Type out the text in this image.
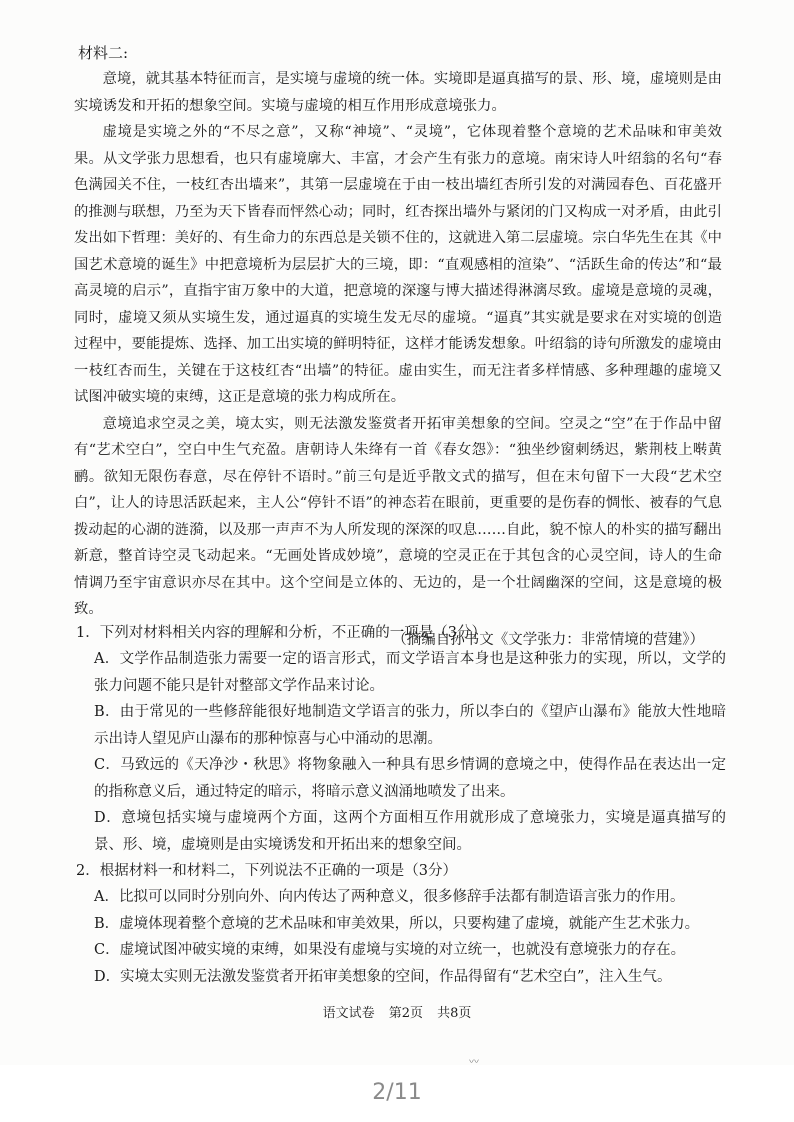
材料二:

意境，就其基本特征而言，是实境与虚境的统一体。实境即是逼真描写的景、形、境，虚境则是由实境诱发和开拓的想象空间。实境与虚境的相互作用形成意境张力。

虚境是实境之外的“不尽之意”，又称“神境”、“灵境”，它体现着整个意境的艺术品味和审美效果。从文学张力思想看，也只有虚境廓大、丰富，才会产生有张力的意境。南宋诗人叶绍翁的名句“春色满园关不住，一枝红杏出墙来”，其第一层虚境在于由一枝出墙红杏所引发的对满园春色、百花盛开的推测与联想，乃至为天下皆春而怦然心动；同时，红杏探出墙外与紧闭的门又构成一对矛盾，由此引发出如下哲理：美好的、有生命力的东西总是关锁不住的，这就进入第二层虚境。宗白华先生在其《中国艺术意境的诞生》中把意境析为层层扩大的三境，即：“直观感相的渲染”、“活跃生命的传达”和“最高灵境的启示”，直指宇宙万象中的大道，把意境的深邃与博大描述得淋漓尽致。虚境是意境的灵魂，同时，虚境又须从实境生发，通过逼真的实境生发无尽的虚境。“逼真”其实就是要求在对实境的创造过程中，要能提炼、选择、加工出实境的鲜明特征，这样才能诱发想象。叶绍翁的诗句所激发的虚境由一枝红杏而生，关键在于这枝红杏“出墙”的特征。虚由实生，而无注者多样情感、多种理趣的虚境又试图冲破实境的束缚，这正是意境的张力构成所在。

意境追求空灵之美，境太实，则无法激发鉴赏者开拓审美想象的空间。空灵之“空”在于作品中留有“艺术空白”，空白中生气充盈。唐朝诗人朱绛有一首《春女怨》：“独坐纱窗刺绣迟，紫荆枝上啭黄鹂。欲知无限伤春意，尽在停针不语时。”前三句是近乎散文式的描写，但在末句留下一大段“艺术空白”，让人的诗思活跃起来，主人公“停针不语”的神态若在眼前，更重要的是伤春的惆怅、被春的气息拨动起的心湖的涟漪，以及那一声声不为人所发现的深深的叹息……自此，貌不惊人的朴实的描写翻出新意，整首诗空灵飞动起来。“无画处皆成妙境”，意境的空灵正在于其包含的心灵空间，诗人的生命情调乃至宇宙意识亦尽在其中。这个空间是立体的、无边的，是一个壮阔幽深的空间，这是意境的极致。

（摘编自孙书文《文学张力：非常情境的营建》）

1．下列对材料相关内容的理解和分析，不正确的一项是（3分）

A．文学作品制造张力需要一定的语言形式，而文学语言本身也是这种张力的实现，所以，文学的张力问题不能只是针对整部文学作品来讨论。

B．由于常见的一些修辞能很好地制造文学语言的张力，所以李白的《望庐山瀑布》能放大性地暗示出诗人望见庐山瀑布的那种惊喜与心中涌动的思潮。

C．马致远的《天净沙・秋思》将物象融入一种具有思乡情调的意境之中，使得作品在表达出一定的指称意义后，通过特定的暗示，将暗示意义汹涌地喷发了出来。

D．意境包括实境与虚境两个方面，这两个方面相互作用就形成了意境张力，实境是逼真描写的景、形、境，虚境则是由实境诱发和开拓出来的想象空间。

2．根据材料一和材料二，下列说法不正确的一项是（3分）

A．比拟可以同时分别向外、向内传达了两种意义，很多修辞手法都有制造语言张力的作用。

B．虚境体现着整个意境的艺术品味和审美效果，所以，只要构建了虚境，就能产生艺术张力。

C．虚境试图冲破实境的束缚，如果没有虚境与实境的对立统一，也就没有意境张力的存在。

D．实境太实则无法激发鉴赏者开拓审美想象的空间，作品得留有“艺术空白”，注入生气。

语文试卷 第2页 共8页
〰
2/11
